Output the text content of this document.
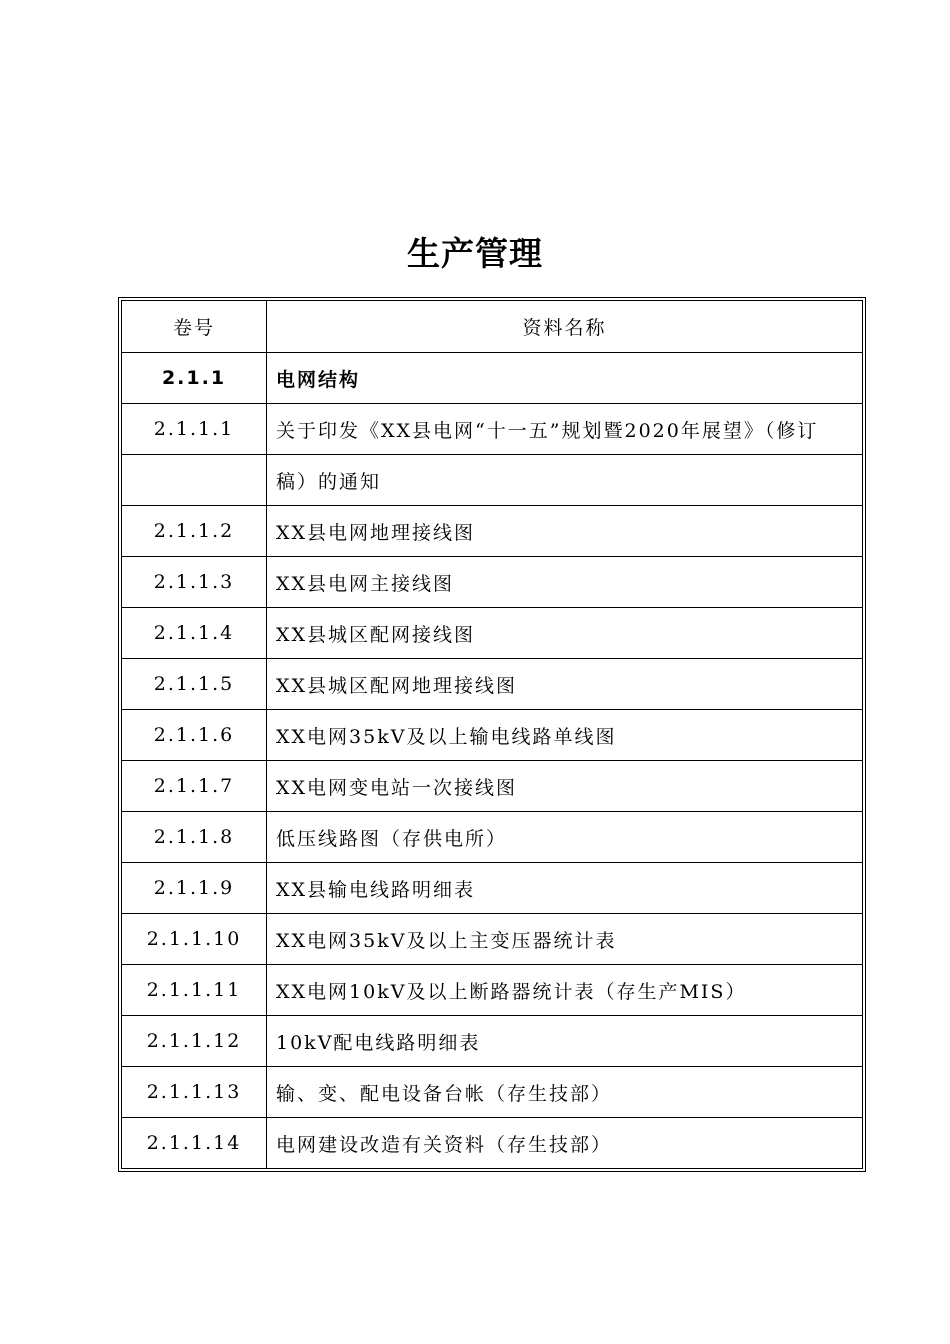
生产管理
卷号	资料名称
2.1.1	电网结构
2.1.1.1	关于印发《XX县电网“十一五”规划暨2020年展望》（修订
	稿）的通知
2.1.1.2	XX县电网地理接线图
2.1.1.3	XX县电网主接线图
2.1.1.4	XX县城区配网接线图
2.1.1.5	XX县城区配网地理接线图
2.1.1.6	XX电网35kV及以上输电线路单线图
2.1.1.7	XX电网变电站一次接线图
2.1.1.8	低压线路图（存供电所）
2.1.1.9	XX县输电线路明细表
2.1.1.10	XX电网35kV及以上主变压器统计表
2.1.1.11	XX电网10kV及以上断路器统计表（存生产MIS）
2.1.1.12	10kV配电线路明细表
2.1.1.13	输、变、配电设备台帐（存生技部）
2.1.1.14	电网建设改造有关资料（存生技部）
